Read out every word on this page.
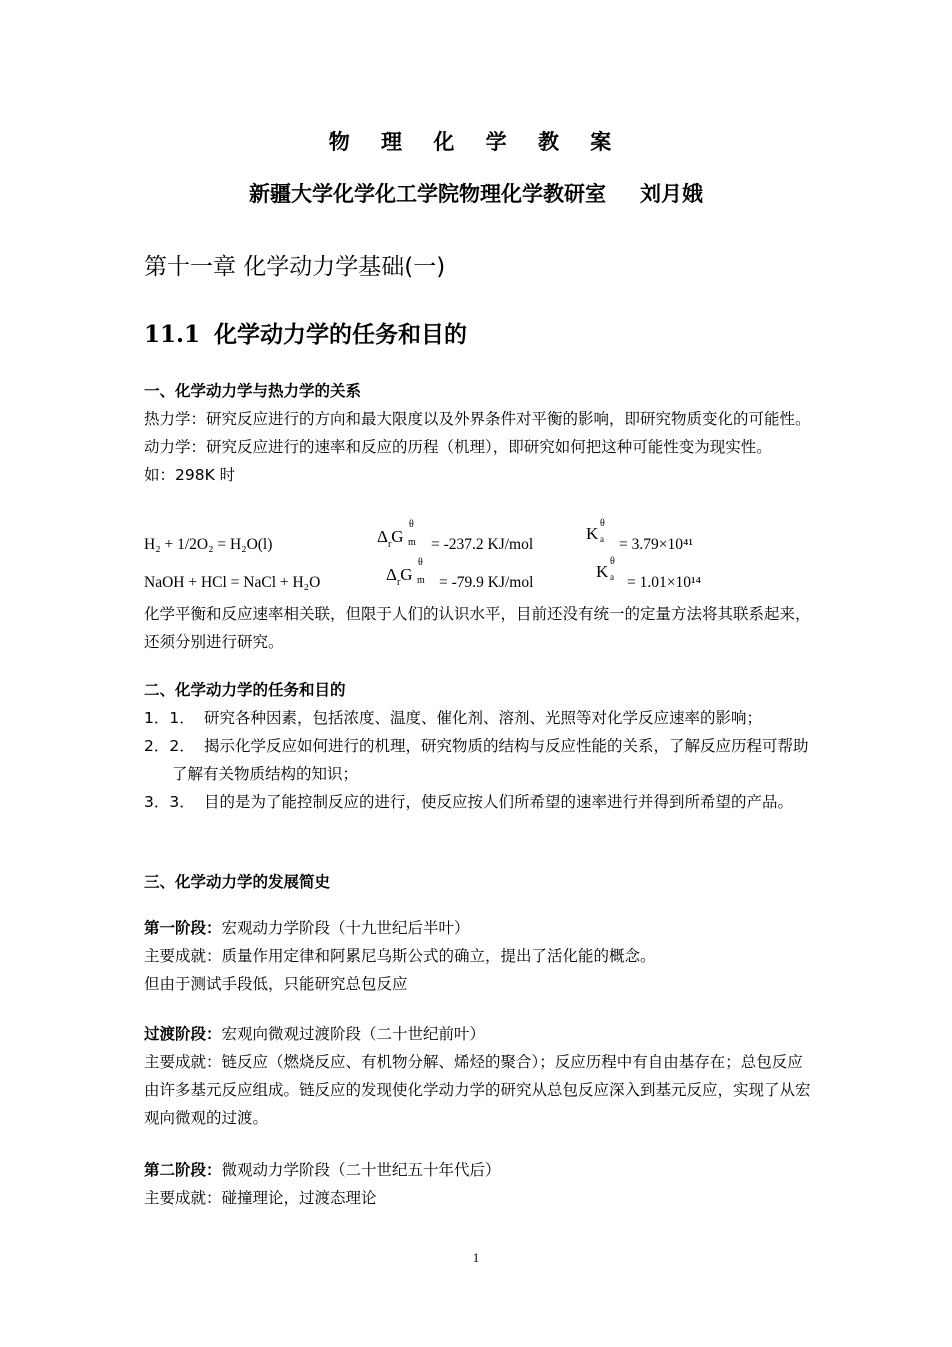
物 理 化 学 教 案
新疆大学化学化工学院物理化学教研室 刘月娥
第十一章 化学动力学基础(一)
11.1 化学动力学的任务和目的
一、化学动力学与热力学的关系

热力学：研究反应进行的方向和最大限度以及外界条件对平衡的影响，即研究物质变化的可能性。

动力学：研究反应进行的速率和反应的历程（机理），即研究如何把这种可能性变为现实性。

如：298K 时

H₂ + 1/2O₂ = H₂O(l)	$\Delta_rG$
θ
m = -237.2 KJ/mol
K
θ
a = 3.79×10⁴¹
NaOH + HCl = NaCl + H₂O	$\Delta_rG$
θ
m = -79.9 KJ/mol
K
θ
a = 1.01×10¹⁴

化学平衡和反应速率相关联，但限于人们的认识水平，目前还没有统一的定量方法将其联系起来，还须分别进行研究。

二、化学动力学的任务和目的
1．1． 研究各种因素，包括浓度、温度、催化剂、溶剂、光照等对化学反应速率的影响；
2．2． 揭示化学反应如何进行的机理，研究物质的结构与反应性能的关系，了解反应历程可帮助了解有关物质结构的知识；
3．3． 目的是为了能控制反应的进行，使反应按人们所希望的速率进行并得到所希望的产品。
三、化学动力学的发展简史

第一阶段：宏观动力学阶段（十九世纪后半叶）

主要成就：质量作用定律和阿累尼乌斯公式的确立，提出了活化能的概念。

但由于测试手段低，只能研究总包反应

过渡阶段：宏观向微观过渡阶段（二十世纪前叶）

主要成就：链反应（燃烧反应、有机物分解、烯烃的聚合）；反应历程中有自由基存在；总包反应由许多基元反应组成。链反应的发现使化学动力学的研究从总包反应深入到基元反应，实现了从宏观向微观的过渡。

第二阶段：微观动力学阶段（二十世纪五十年代后）

主要成就：碰撞理论，过渡态理论

1
